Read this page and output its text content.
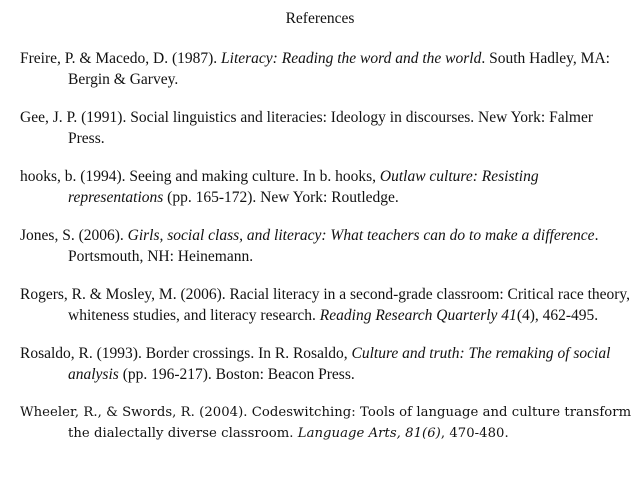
References

Freire, P. & Macedo, D. (1987). Literacy: Reading the word and the world. South Hadley, MA: Bergin & Garvey.

Gee, J. P. (1991). Social linguistics and literacies: Ideology in discourses. New York: Falmer Press.

hooks, b. (1994). Seeing and making culture. In b. hooks, Outlaw culture: Resisting representations (pp. 165-172). New York: Routledge.

Jones, S. (2006). Girls, social class, and literacy: What teachers can do to make a difference. Portsmouth, NH: Heinemann.

Rogers, R. & Mosley, M. (2006). Racial literacy in a second-grade classroom: Critical race theory, whiteness studies, and literacy research. Reading Research Quarterly 41(4), 462-495.

Rosaldo, R. (1993). Border crossings. In R. Rosaldo, Culture and truth: The remaking of social analysis (pp. 196-217). Boston: Beacon Press.

Wheeler, R., & Swords, R. (2004). Codeswitching: Tools of language and culture transform the dialectally diverse classroom. Language Arts, 81(6), 470-480.
